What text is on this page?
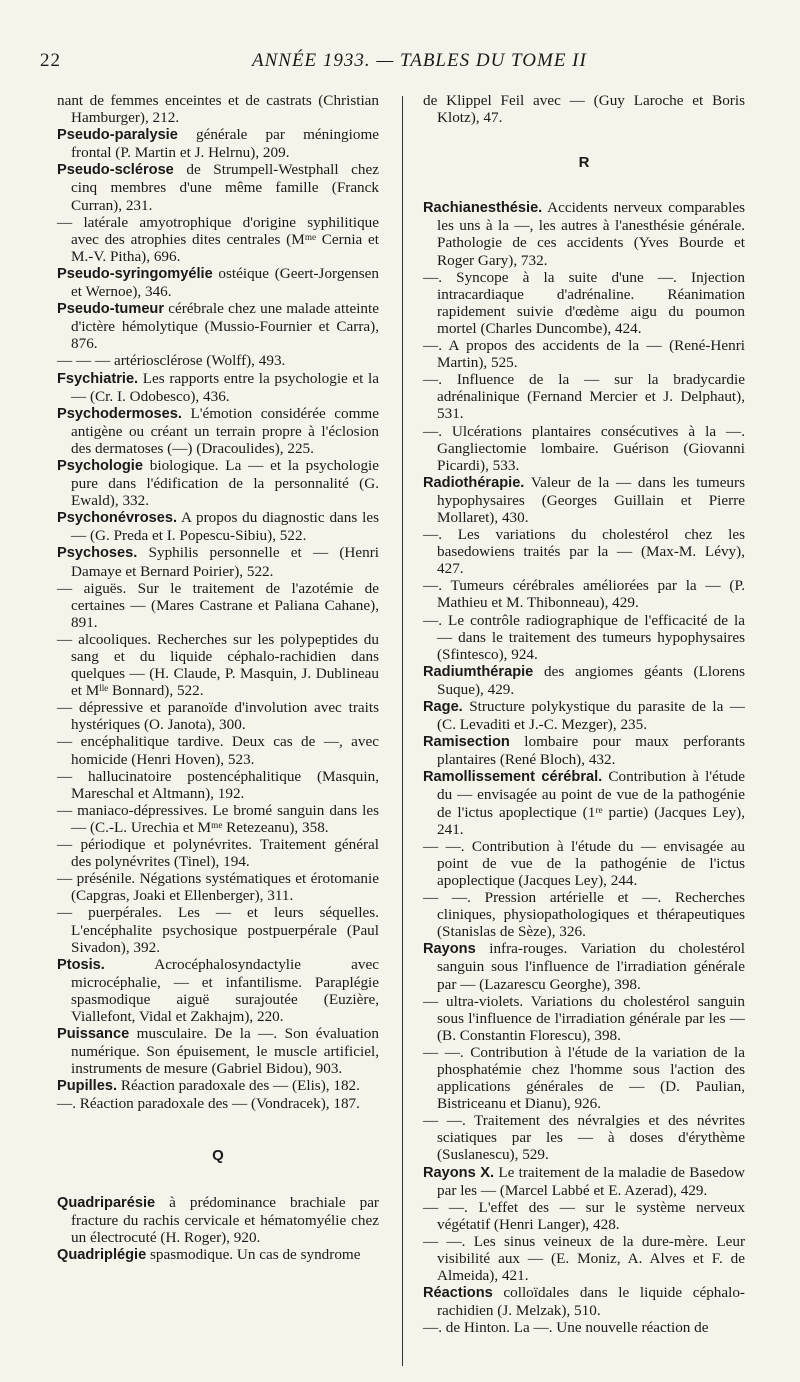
22	ANNÉE 1933. — TABLES DU TOME II

nant de femmes enceintes et de castrats (Christian Hamburger), 212.

Pseudo-paralysie générale par méningiome frontal (P. Martin et J. Helrnu), 209.

Pseudo-sclérose de Strumpell-Westphall chez cinq membres d'une même famille (Franck Curran), 231.

— latérale amyotrophique d'origine syphilitique avec des atrophies dites centrales (Mᵐᵉ Cernia et M.-V. Pitha), 696.

Pseudo-syringomyélie ostéique (Geert-Jorgensen et Wernoe), 346.

Pseudo-tumeur cérébrale chez une malade atteinte d'ictère hémolytique (Mussio-Fournier et Carra), 876.

— — — artériosclérose (Wolff), 493.

Fsychiatrie. Les rapports entre la psychologie et la — (Cr. I. Odobesco), 436.

Psychodermoses. L'émotion considérée comme antigène ou créant un terrain propre à l'éclosion des dermatoses (—) (Dracoulides), 225.

Psychologie biologique. La — et la psychologie pure dans l'édification de la personnalité (G. Ewald), 332.

Psychonévroses. A propos du diagnostic dans les — (G. Preda et I. Popescu-Sibiu), 522.

Psychoses. Syphilis personnelle et — (Henri Damaye et Bernard Poirier), 522.

— aiguës. Sur le traitement de l'azotémie de certaines — (Mares Castrane et Paliana Cahane), 891.

— alcooliques. Recherches sur les polypeptides du sang et du liquide céphalo-rachidien dans quelques — (H. Claude, P. Masquin, J. Dublineau et Mˡˡᵉ Bonnard), 522.

— dépressive et paranoïde d'involution avec traits hystériques (O. Janota), 300.

— encéphalitique tardive. Deux cas de —, avec homicide (Henri Hoven), 523.

— hallucinatoire postencéphalitique (Masquin, Mareschal et Altmann), 192.

— maniaco-dépressives. Le bromé sanguin dans les — (C.-L. Urechia et Mᵐᵉ Retezeanu), 358.

— périodique et polynévrites. Traitement général des polynévrites (Tinel), 194.

— présénile. Négations systématiques et érotomanie (Capgras, Joaki et Ellenberger), 311.

— puerpérales. Les — et leurs séquelles. L'encéphalite psychosique postpuerpérale (Paul Sivadon), 392.

Ptosis. Acrocéphalosyndactylie avec microcéphalie, — et infantilisme. Paraplégie spasmodique aiguë surajoutée (Euzière, Viallefont, Vidal et Zakhajm), 220.

Puissance musculaire. De la —. Son évaluation numérique. Son épuisement, le muscle artificiel, instruments de mesure (Gabriel Bidou), 903.

Pupilles. Réaction paradoxale des — (Elis), 182.

—. Réaction paradoxale des — (Vondracek), 187.

Q

Quadriparésie à prédominance brachiale par fracture du rachis cervicale et hématomyélie chez un électrocuté (H. Roger), 920.

Quadriplégie spasmodique. Un cas de syndrome

de Klippel Feil avec — (Guy Laroche et Boris Klotz), 47.

R

Rachianesthésie. Accidents nerveux comparables les uns à la —, les autres à l'anesthésie générale. Pathologie de ces accidents (Yves Bourde et Roger Gary), 732.

—. Syncope à la suite d'une —. Injection intracardiaque d'adrénaline. Réanimation rapidement suivie d'œdème aigu du poumon mortel (Charles Duncombe), 424.

—. A propos des accidents de la — (René-Henri Martin), 525.

—. Influence de la — sur la bradycardie adrénalinique (Fernand Mercier et J. Delphaut), 531.

—. Ulcérations plantaires consécutives à la —. Gangliectomie lombaire. Guérison (Giovanni Picardi), 533.

Radiothérapie. Valeur de la — dans les tumeurs hypophysaires (Georges Guillain et Pierre Mollaret), 430.

—. Les variations du cholestérol chez les basedowiens traités par la — (Max-M. Lévy), 427.

—. Tumeurs cérébrales améliorées par la — (P. Mathieu et M. Thibonneau), 429.

—. Le contrôle radiographique de l'efficacité de la — dans le traitement des tumeurs hypophysaires (Sfintesco), 924.

Radiumthérapie des angiomes géants (Llorens Suque), 429.

Rage. Structure polykystique du parasite de la — (C. Levaditi et J.-C. Mezger), 235.

Ramisection lombaire pour maux perforants plantaires (René Bloch), 432.

Ramollissement cérébral. Contribution à l'étude du — envisagée au point de vue de la pathogénie de l'ictus apoplectique (1ʳᵉ partie) (Jacques Ley), 241.

— —. Contribution à l'étude du — envisagée au point de vue de la pathogénie de l'ictus apoplectique (Jacques Ley), 244.

— —. Pression artérielle et —. Recherches cliniques, physiopathologiques et thérapeutiques (Stanislas de Sèze), 326.

Rayons infra-rouges. Variation du cholestérol sanguin sous l'influence de l'irradiation générale par — (Lazarescu Georghe), 398.

— ultra-violets. Variations du cholestérol sanguin sous l'influence de l'irradiation générale par les — (B. Constantin Florescu), 398.

— —. Contribution à l'étude de la variation de la phosphatémie chez l'homme sous l'action des applications générales de — (D. Paulian, Bistriceanu et Dianu), 926.

— —. Traitement des névralgies et des névrites sciatiques par les — à doses d'érythème (Suslanescu), 529.

Rayons X. Le traitement de la maladie de Basedow par les — (Marcel Labbé et E. Azerad), 429.

— —. L'effet des — sur le système nerveux végétatif (Henri Langer), 428.

— —. Les sinus veineux de la dure-mère. Leur visibilité aux — (E. Moniz, A. Alves et F. de Almeida), 421.

Réactions colloïdales dans le liquide céphalo-rachidien (J. Melzak), 510.

—. de Hinton. La —. Une nouvelle réaction de
